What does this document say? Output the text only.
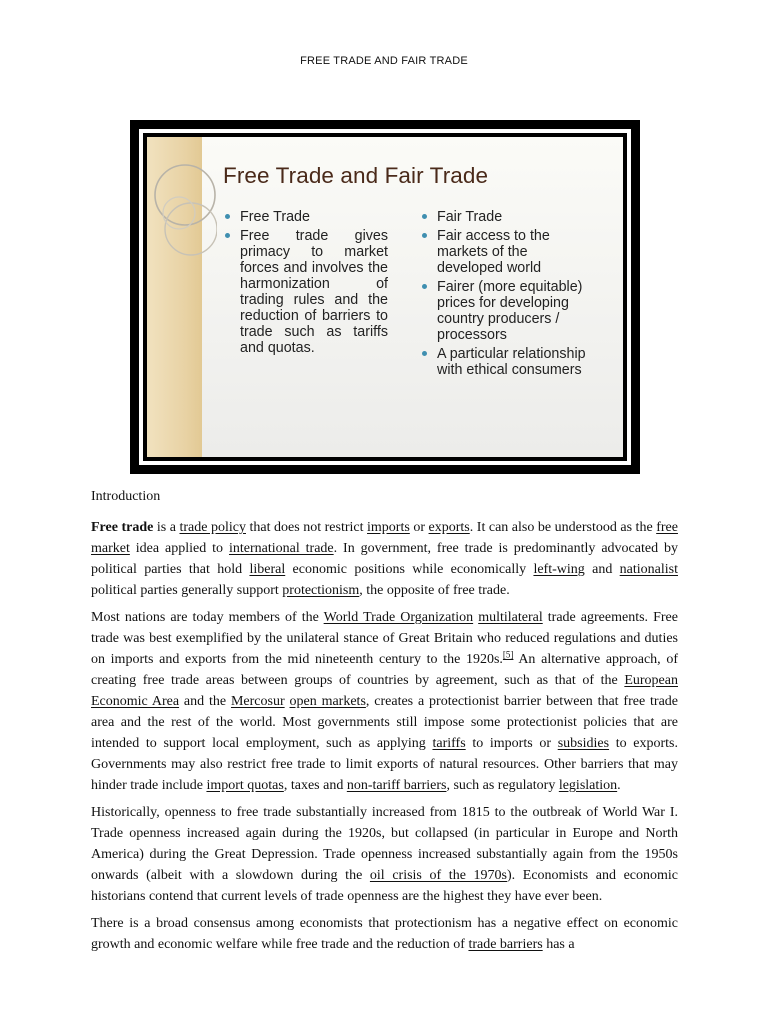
FREE TRADE AND FAIR TRADE
Free Trade and Fair Trade
Free Trade
Free trade gives primacy to market forces and involves the harmonization of trading rules and the reduction of barriers to trade such as tariffs and quotas.
Fair Trade
Fair access to the markets of the developed world
Fairer (more equitable) prices for developing country producers / processors
A particular relationship with ethical consumers
Introduction

Free trade is a trade policy that does not restrict imports or exports. It can also be understood as the free market idea applied to international trade. In government, free trade is predominantly advocated by political parties that hold liberal economic positions while economically left-wing and nationalist political parties generally support protectionism, the opposite of free trade.

Most nations are today members of the World Trade Organization multilateral trade agreements. Free trade was best exemplified by the unilateral stance of Great Britain who reduced regulations and duties on imports and exports from the mid nineteenth century to the 1920s.[5] An alternative approach, of creating free trade areas between groups of countries by agreement, such as that of the European Economic Area and the Mercosur open markets, creates a protectionist barrier between that free trade area and the rest of the world. Most governments still impose some protectionist policies that are intended to support local employment, such as applying tariffs to imports or subsidies to exports. Governments may also restrict free trade to limit exports of natural resources. Other barriers that may hinder trade include import quotas, taxes and non-tariff barriers, such as regulatory legislation.

Historically, openness to free trade substantially increased from 1815 to the outbreak of World War I. Trade openness increased again during the 1920s, but collapsed (in particular in Europe and North America) during the Great Depression. Trade openness increased substantially again from the 1950s onwards (albeit with a slowdown during the oil crisis of the 1970s). Economists and economic historians contend that current levels of trade openness are the highest they have ever been.

There is a broad consensus among economists that protectionism has a negative effect on economic growth and economic welfare while free trade and the reduction of trade barriers has a
